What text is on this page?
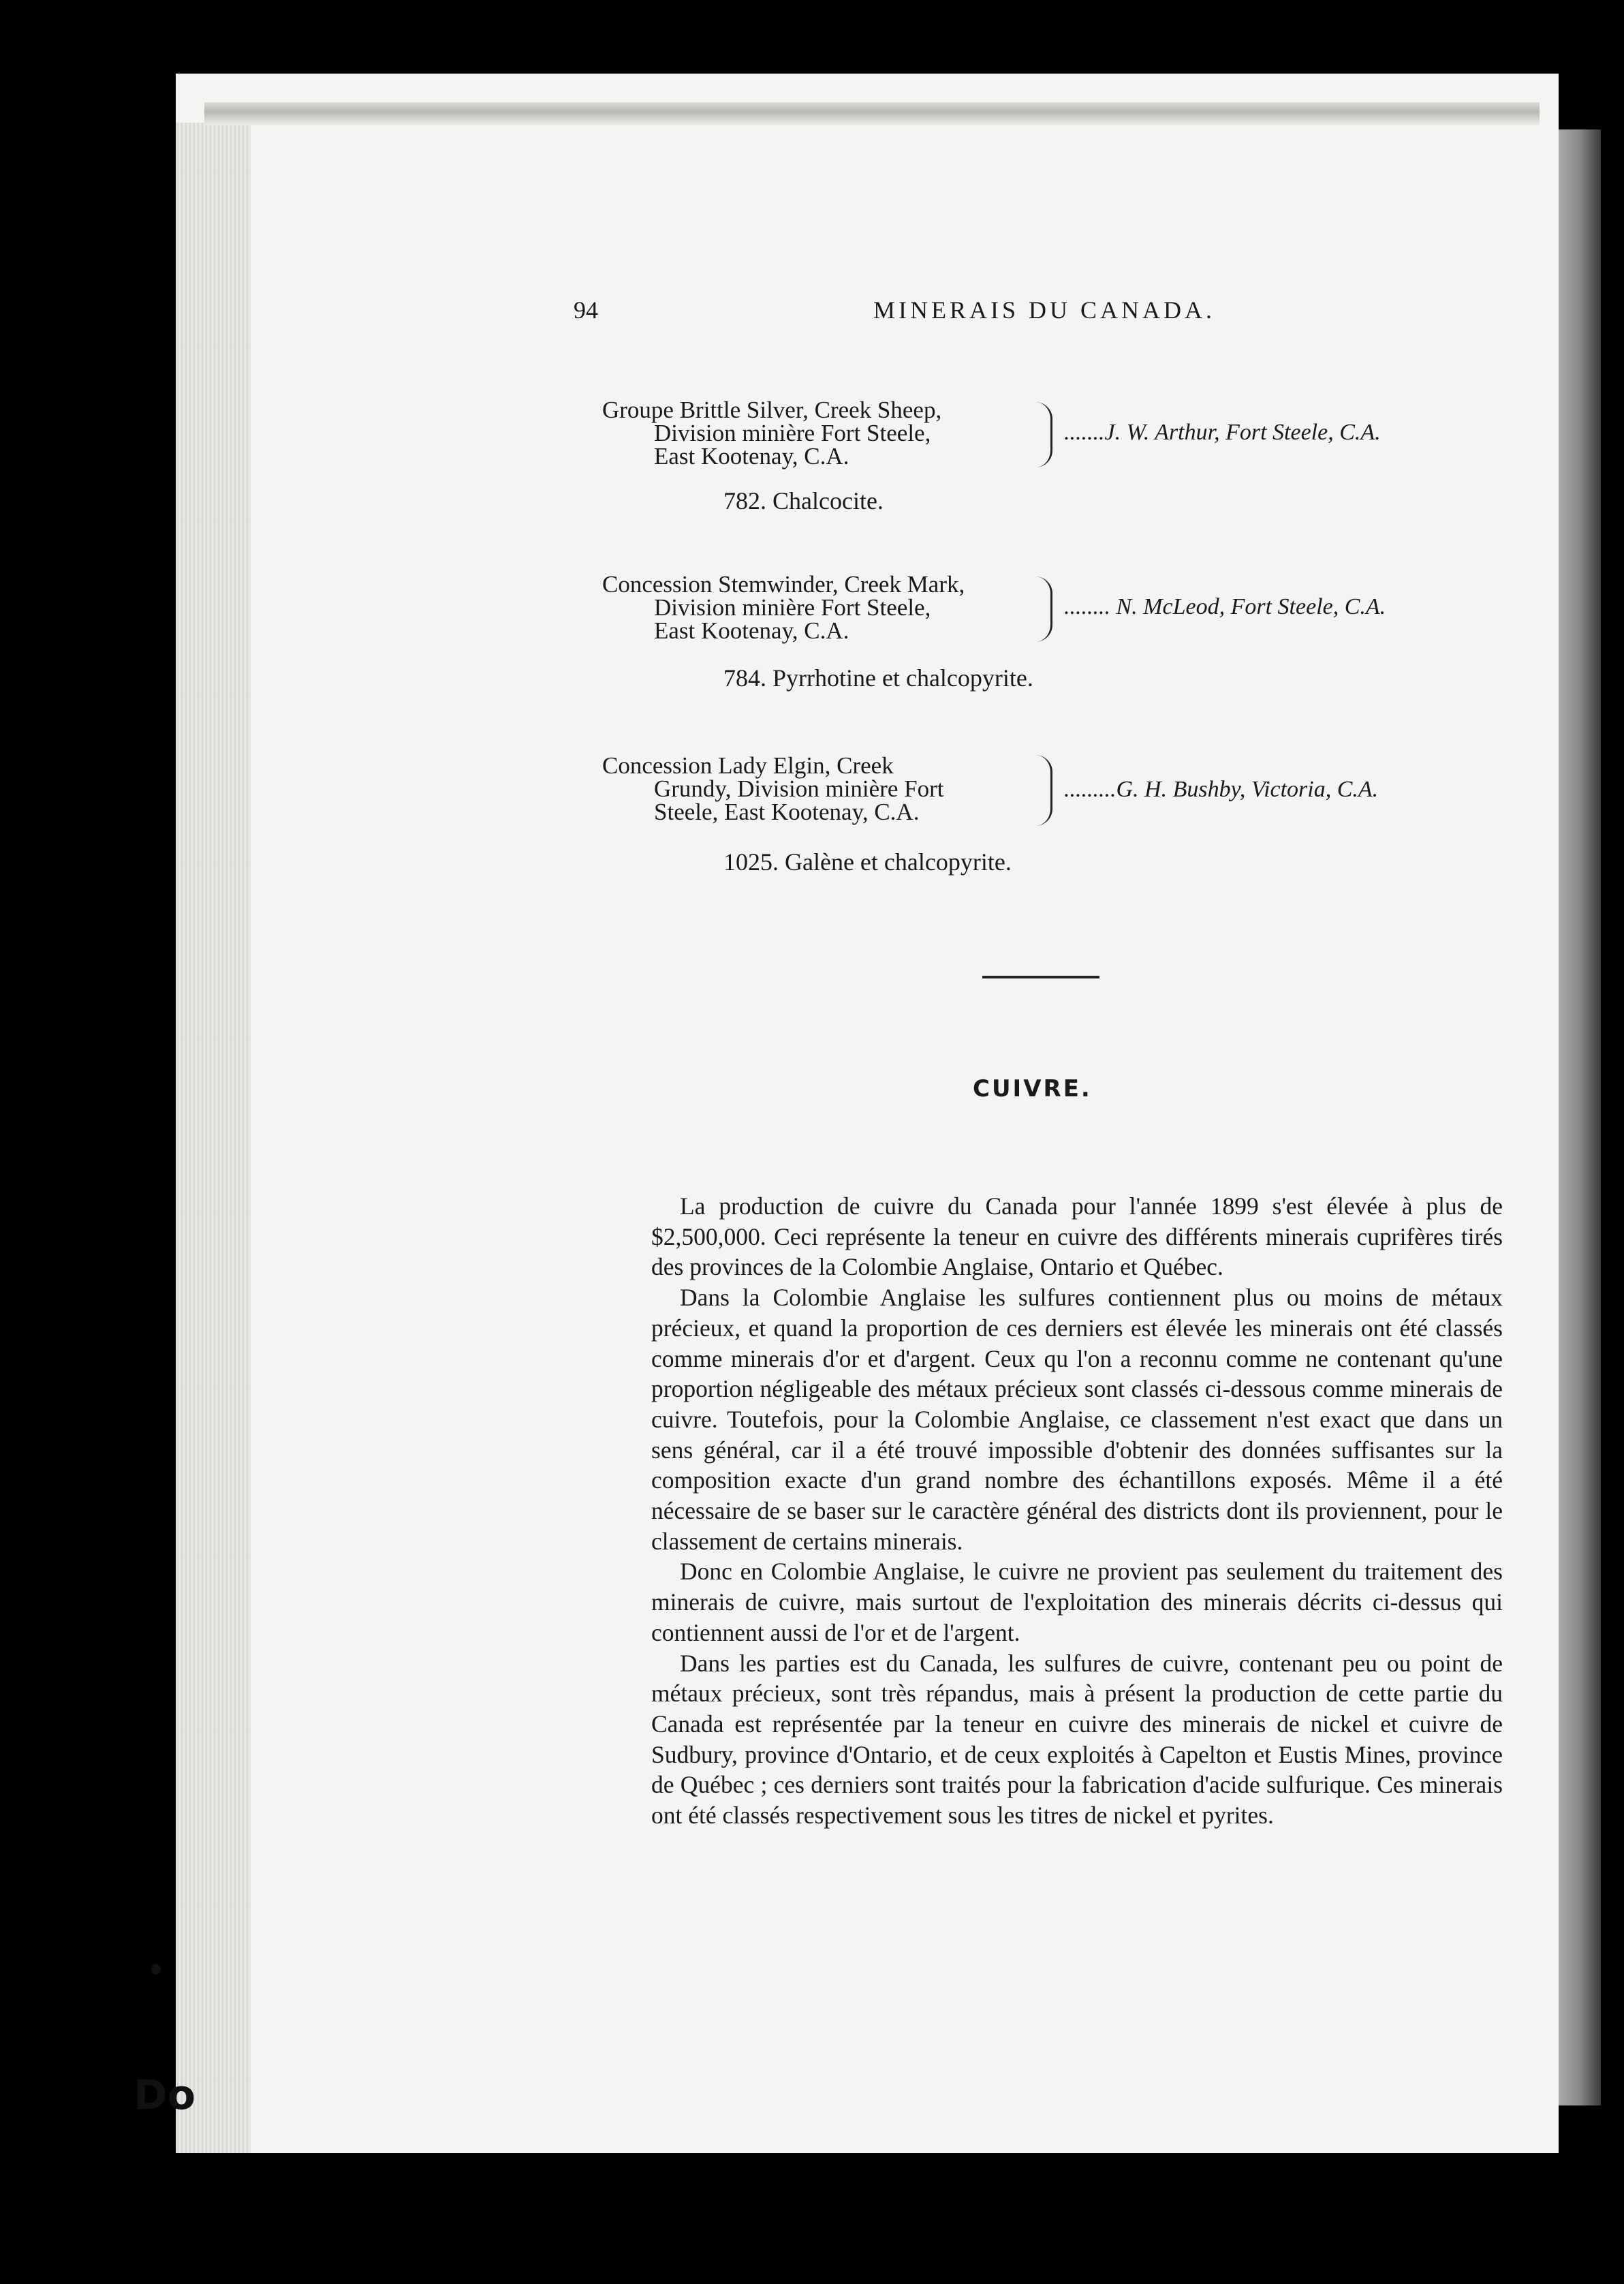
94	MINERAIS DU CANADA.
Groupe Brittle Silver, Creek Sheep,
Division minière Fort Steele,
East Kootenay, C.A.
.......J. W. Arthur, Fort Steele, C.A.
782. Chalcocite.
Concession Stemwinder, Creek Mark,
Division minière Fort Steele,
East Kootenay, C.A.
........ N. McLeod, Fort Steele, C.A.
784. Pyrrhotine et chalcopyrite.
Concession Lady Elgin, Creek
Grundy, Division minière Fort
Steele, East Kootenay, C.A.
.........G. H. Bushby, Victoria, C.A.
1025. Galène et chalcopyrite.
CUIVRE.

La production de cuivre du Canada pour l'année 1899 s'est élevée à plus de $2,500,000. Ceci représente la teneur en cuivre des différents minerais cuprifères tirés des provinces de la Colombie Anglaise, Ontario et Québec.

Dans la Colombie Anglaise les sulfures contiennent plus ou moins de métaux précieux, et quand la proportion de ces derniers est élevée les minerais ont été classés comme minerais d'or et d'argent. Ceux qu l'on a reconnu comme ne contenant qu'une proportion négligeable des métaux précieux sont classés ci-dessous comme minerais de cuivre. Toutefois, pour la Colombie Anglaise, ce classement n'est exact que dans un sens général, car il a été trouvé impossible d'obtenir des données suffisantes sur la composition exacte d'un grand nombre des échantillons exposés. Même il a été nécessaire de se baser sur le caractère général des districts dont ils proviennent, pour le classement de certains minerais.

Donc en Colombie Anglaise, le cuivre ne provient pas seulement du traitement des minerais de cuivre, mais surtout de l'exploitation des minerais décrits ci-dessus qui contiennent aussi de l'or et de l'argent.

Dans les parties est du Canada, les sulfures de cuivre, contenant peu ou point de métaux précieux, sont très répandus, mais à présent la production de cette partie du Canada est représentée par la teneur en cuivre des minerais de nickel et cuivre de Sudbury, province d'Ontario, et de ceux exploités à Capelton et Eustis Mines, province de Québec ; ces derniers sont traités pour la fabrication d'acide sulfurique. Ces minerais ont été classés respectivement sous les titres de nickel et pyrites.

Do
